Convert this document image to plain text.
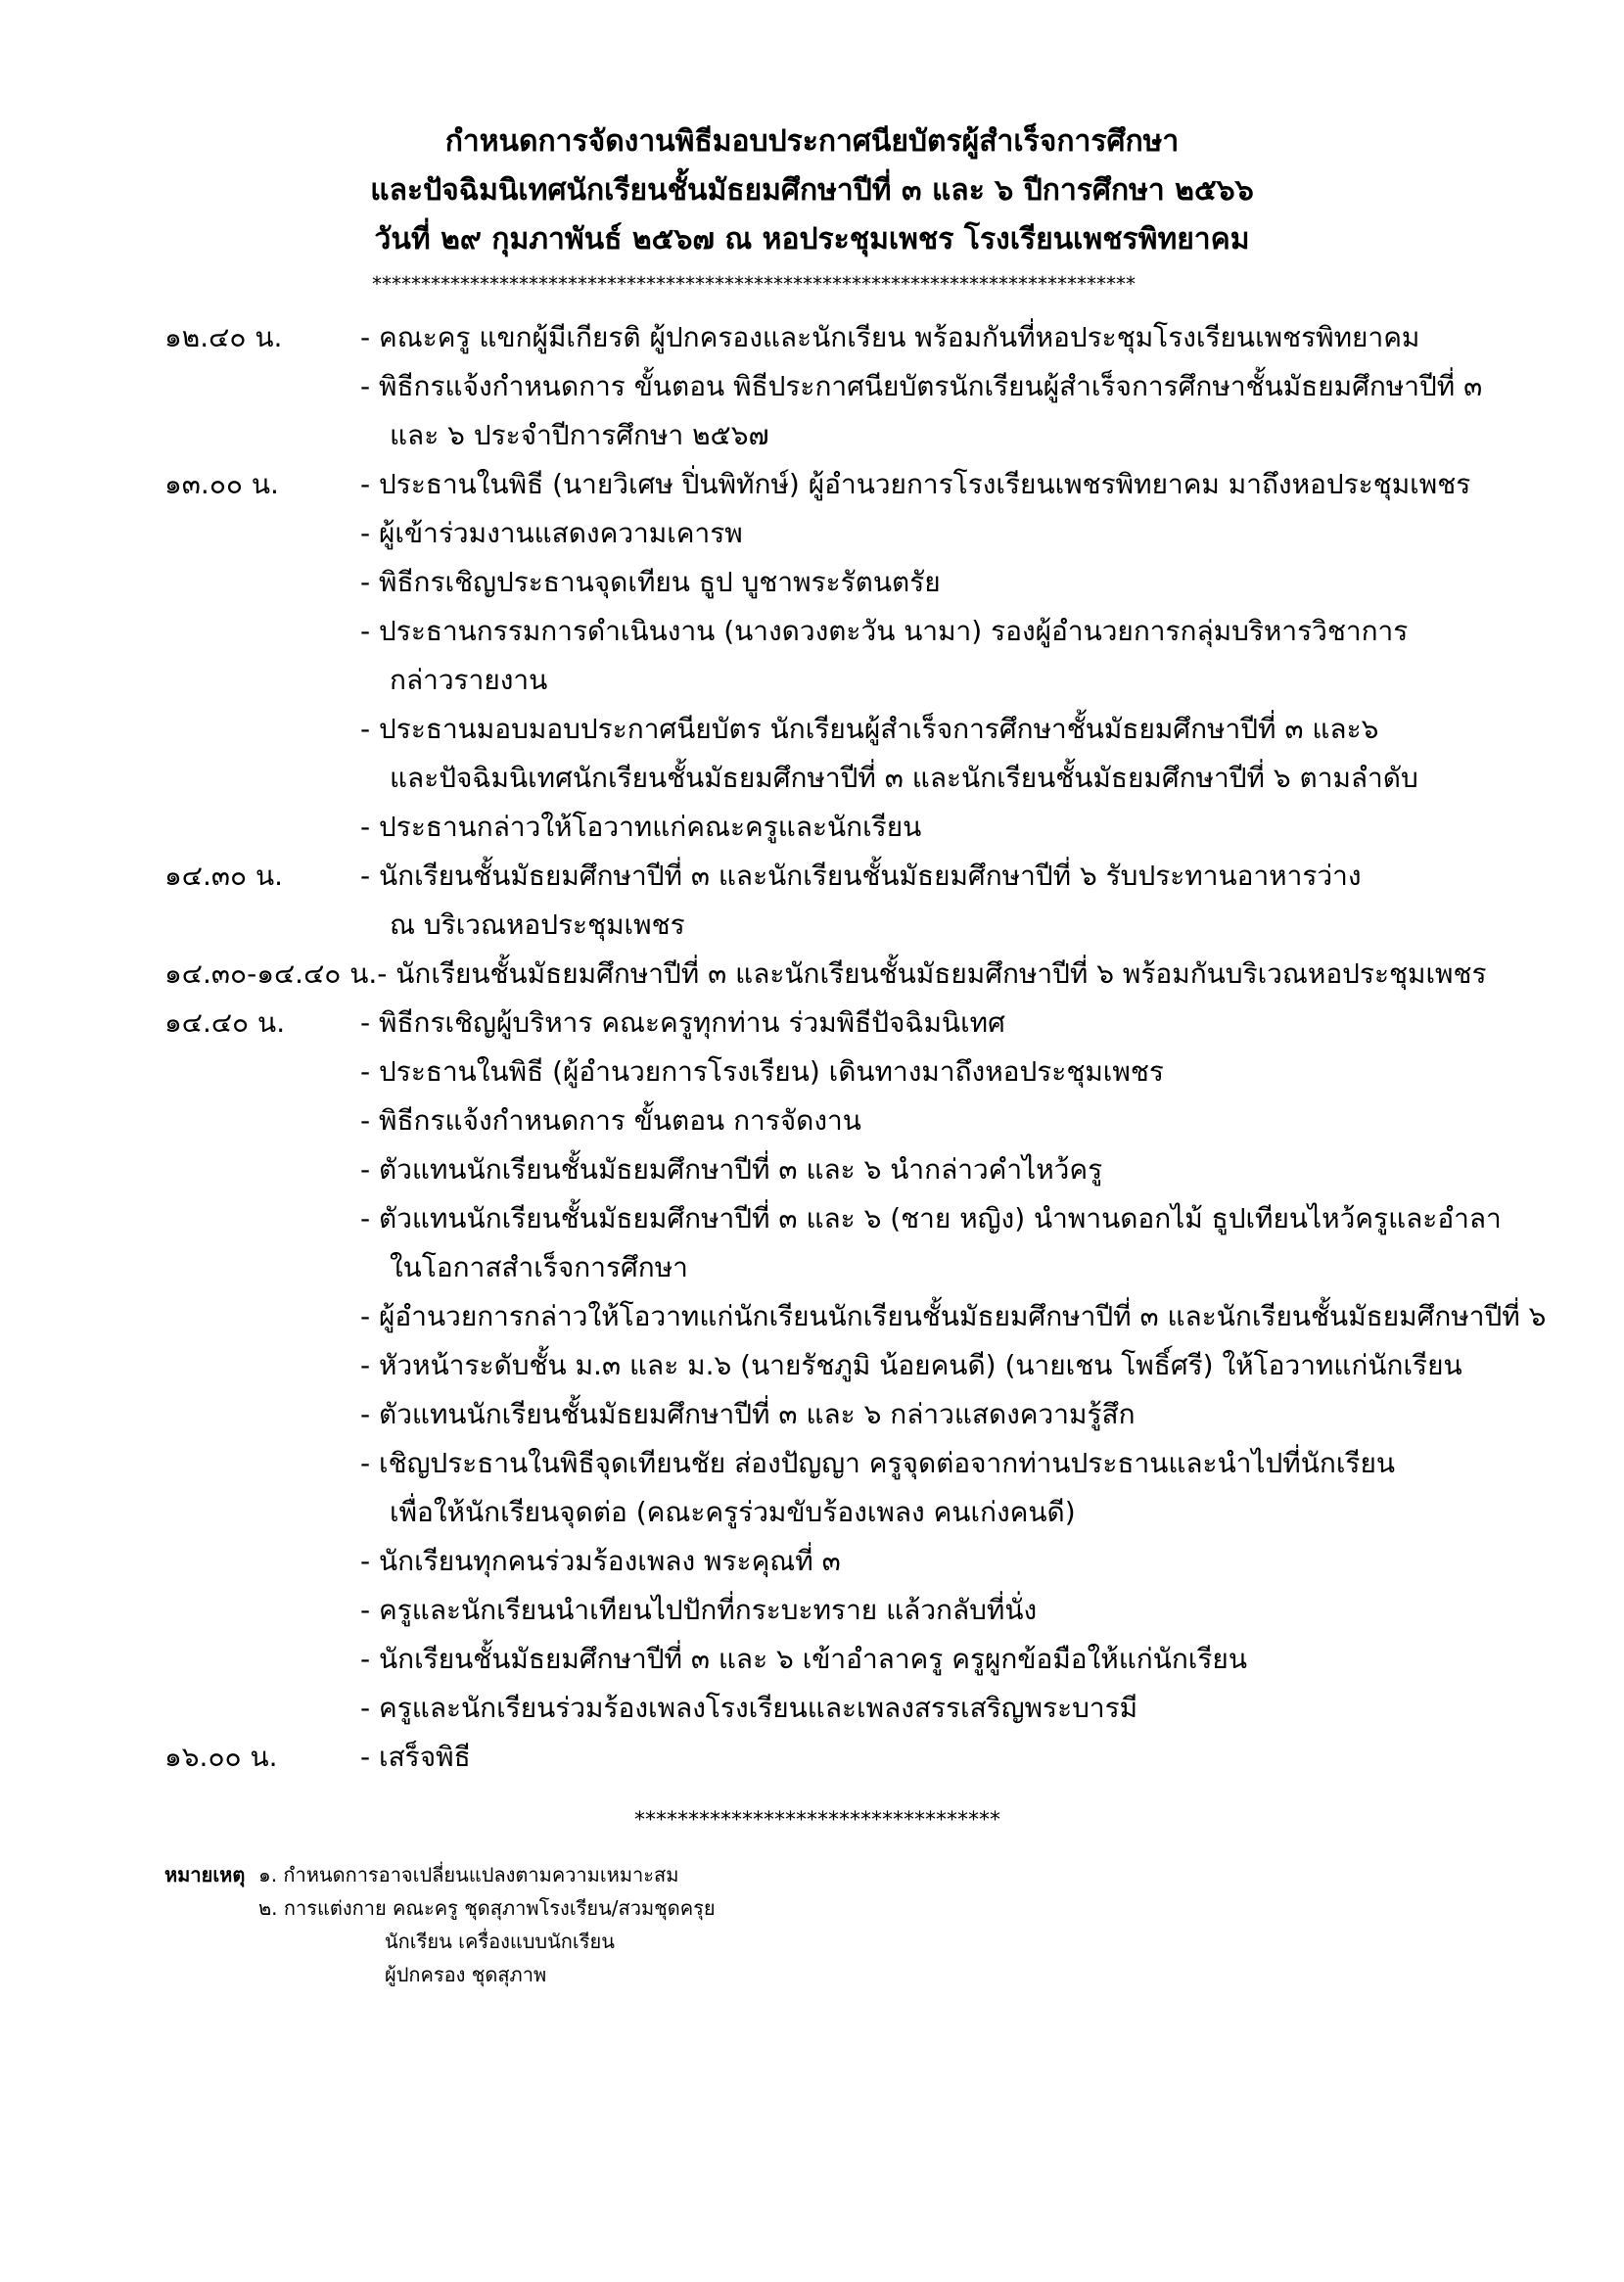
กำหนดการจัดงานพิธีมอบประกาศนียบัตรผู้สำเร็จการศึกษา
และปัจฉิมนิเทศนักเรียนชั้นมัธยมศึกษาปีที่ ๓ และ ๖ ปีการศึกษา ๒๕๖๖
วันที่ ๒๙ กุมภาพันธ์ ๒๕๖๗ ณ หอประชุมเพชร โรงเรียนเพชรพิทยาคม
******************************************************************************
๑๒.๔๐ น.	- คณะครู แขกผู้มีเกียรติ ผู้ปกครองและนักเรียน พร้อมกันที่หอประชุมโรงเรียนเพชรพิทยาคม
- พิธีกรแจ้งกำหนดการ ขั้นตอน พิธีประกาศนียบัตรนักเรียนผู้สำเร็จการศึกษาชั้นมัธยมศึกษาปีที่ ๓
และ ๖ ประจำปีการศึกษา ๒๕๖๗
๑๓.๐๐ น.	- ประธานในพิธี (นายวิเศษ ปิ่นพิทักษ์) ผู้อำนวยการโรงเรียนเพชรพิทยาคม มาถึงหอประชุมเพชร
- ผู้เข้าร่วมงานแสดงความเคารพ
- พิธีกรเชิญประธานจุดเทียน ธูป บูชาพระรัตนตรัย
- ประธานกรรมการดำเนินงาน (นางดวงตะวัน นามา) รองผู้อำนวยการกลุ่มบริหารวิชาการ
กล่าวรายงาน
- ประธานมอบมอบประกาศนียบัตร นักเรียนผู้สำเร็จการศึกษาชั้นมัธยมศึกษาปีที่ ๓ และ๖
และปัจฉิมนิเทศนักเรียนชั้นมัธยมศึกษาปีที่ ๓ และนักเรียนชั้นมัธยมศึกษาปีที่ ๖ ตามลำดับ
- ประธานกล่าวให้โอวาทแก่คณะครูและนักเรียน
๑๔.๓๐ น.	- นักเรียนชั้นมัธยมศึกษาปีที่ ๓ และนักเรียนชั้นมัธยมศึกษาปีที่ ๖ รับประทานอาหารว่าง
ณ บริเวณหอประชุมเพชร
๑๔.๓๐-๑๔.๔๐ น.- นักเรียนชั้นมัธยมศึกษาปีที่ ๓ และนักเรียนชั้นมัธยมศึกษาปีที่ ๖ พร้อมกันบริเวณหอประชุมเพชร
๑๔.๔๐ น.	- พิธีกรเชิญผู้บริหาร คณะครูทุกท่าน ร่วมพิธีปัจฉิมนิเทศ
- ประธานในพิธี (ผู้อำนวยการโรงเรียน) เดินทางมาถึงหอประชุมเพชร
- พิธีกรแจ้งกำหนดการ ขั้นตอน การจัดงาน
- ตัวแทนนักเรียนชั้นมัธยมศึกษาปีที่ ๓ และ ๖ นำกล่าวคำไหว้ครู
- ตัวแทนนักเรียนชั้นมัธยมศึกษาปีที่ ๓ และ ๖ (ชาย หญิง) นำพานดอกไม้ ธูปเทียนไหว้ครูและอำลา
ในโอกาสสำเร็จการศึกษา
- ผู้อำนวยการกล่าวให้โอวาทแก่นักเรียนนักเรียนชั้นมัธยมศึกษาปีที่ ๓ และนักเรียนชั้นมัธยมศึกษาปีที่ ๖
- หัวหน้าระดับชั้น ม.๓ และ ม.๖ (นายรัชภูมิ น้อยคนดี) (นายเชน โพธิ์ศรี) ให้โอวาทแก่นักเรียน
- ตัวแทนนักเรียนชั้นมัธยมศึกษาปีที่ ๓ และ ๖ กล่าวแสดงความรู้สึก
- เชิญประธานในพิธีจุดเทียนชัย ส่องปัญญา ครูจุดต่อจากท่านประธานและนำไปที่นักเรียน
เพื่อให้นักเรียนจุดต่อ (คณะครูร่วมขับร้องเพลง คนเก่งคนดี)
- นักเรียนทุกคนร่วมร้องเพลง พระคุณที่ ๓
- ครูและนักเรียนนำเทียนไปปักที่กระบะทราย แล้วกลับที่นั่ง
- นักเรียนชั้นมัธยมศึกษาปีที่ ๓ และ ๖ เข้าอำลาครู ครูผูกข้อมือให้แก่นักเรียน
- ครูและนักเรียนร่วมร้องเพลงโรงเรียนและเพลงสรรเสริญพระบารมี
๑๖.๐๐ น.	- เสร็จพิธี
**********************************
หมายเหตุ ๑. กำหนดการอาจเปลี่ยนแปลงตามความเหมาะสม
๒. การแต่งกาย คณะครู ชุดสุภาพโรงเรียน/สวมชุดครุย
นักเรียน เครื่องแบบนักเรียน
ผู้ปกครอง ชุดสุภาพ
